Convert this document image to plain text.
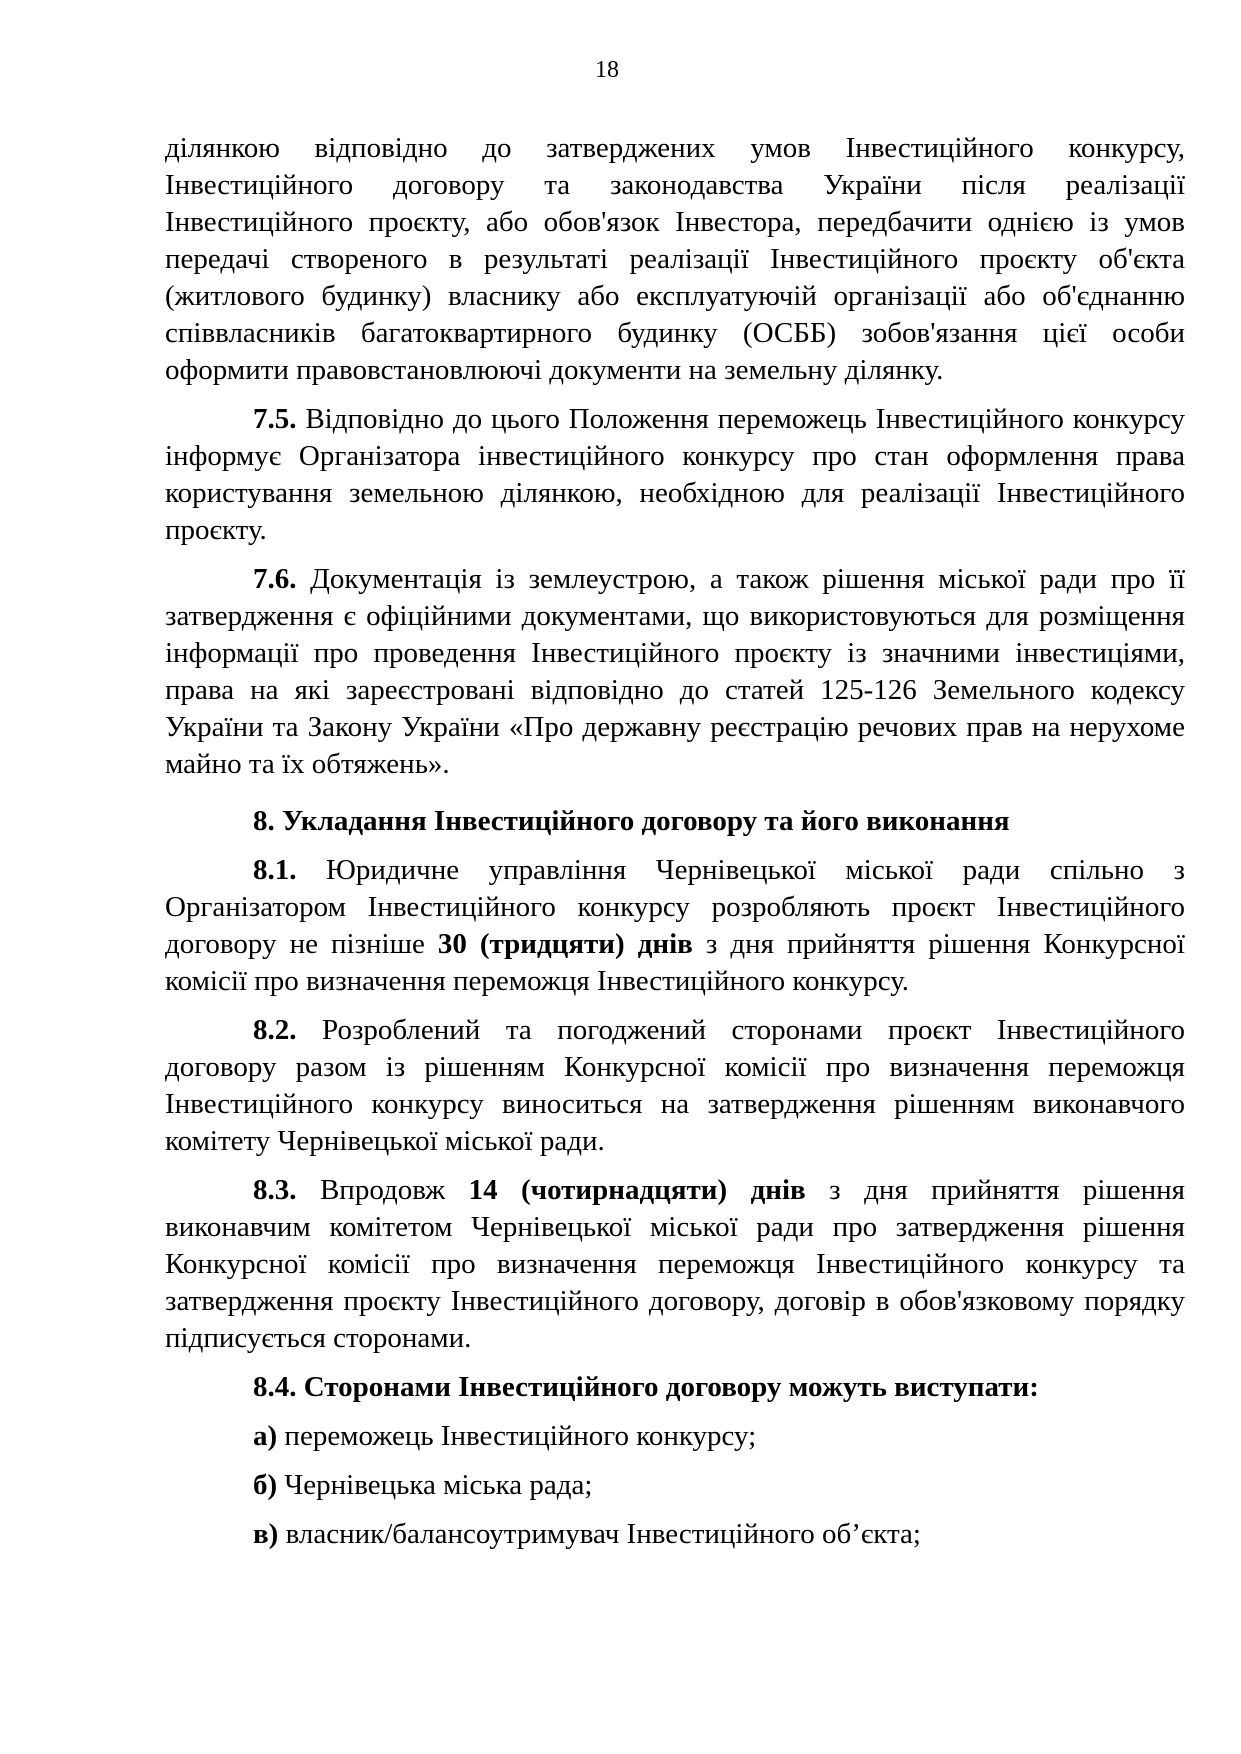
18

ділянкою відповідно до затверджених умов Інвестиційного конкурсу, Інвестиційного договору та законодавства України після реалізації Інвестиційного проєкту, або обов'язок Інвестора, передбачити однією із умов передачі створеного в результаті реалізації Інвестиційного проєкту об'єкта (житлового будинку) власнику або експлуатуючій організації або об'єднанню співвласників багатоквартирного будинку (ОСББ) зобов'язання цієї особи оформити правовстановлюючі документи на земельну ділянку.

7.5. Відповідно до цього Положення переможець Інвестиційного конкурсу інформує Організатора інвестиційного конкурсу про стан оформлення права користування земельною ділянкою, необхідною для реалізації Інвестиційного проєкту.

7.6. Документація із землеустрою, а також рішення міської ради про її затвердження є офіційними документами, що використовуються для розміщення інформації про проведення Інвестиційного проєкту із значними інвестиціями, права на які зареєстровані відповідно до статей 125-126 Земельного кодексу України та Закону України «Про державну реєстрацію речових прав на нерухоме майно та їх обтяжень».

8. Укладання Інвестиційного договору та його виконання

8.1. Юридичне управління Чернівецької міської ради спільно з Організатором Інвестиційного конкурсу розробляють проєкт Інвестиційного договору не пізніше 30 (тридцяти) днів з дня прийняття рішення Конкурсної комісії про визначення переможця Інвестиційного конкурсу.

8.2. Розроблений та погоджений сторонами проєкт Інвестиційного договору разом із рішенням Конкурсної комісії про визначення переможця Інвестиційного конкурсу виноситься на затвердження рішенням виконавчого комітету Чернівецької міської ради.

8.3. Впродовж 14 (чотирнадцяти) днів з дня прийняття рішення виконавчим комітетом Чернівецької міської ради про затвердження рішення Конкурсної комісії про визначення переможця Інвестиційного конкурсу та затвердження проєкту Інвестиційного договору, договір в обов'язковому порядку підписується сторонами.

8.4. Сторонами Інвестиційного договору можуть виступати:

а) переможець Інвестиційного конкурсу;

б) Чернівецька міська рада;

в) власник/балансоутримувач Інвестиційного об’єкта;
